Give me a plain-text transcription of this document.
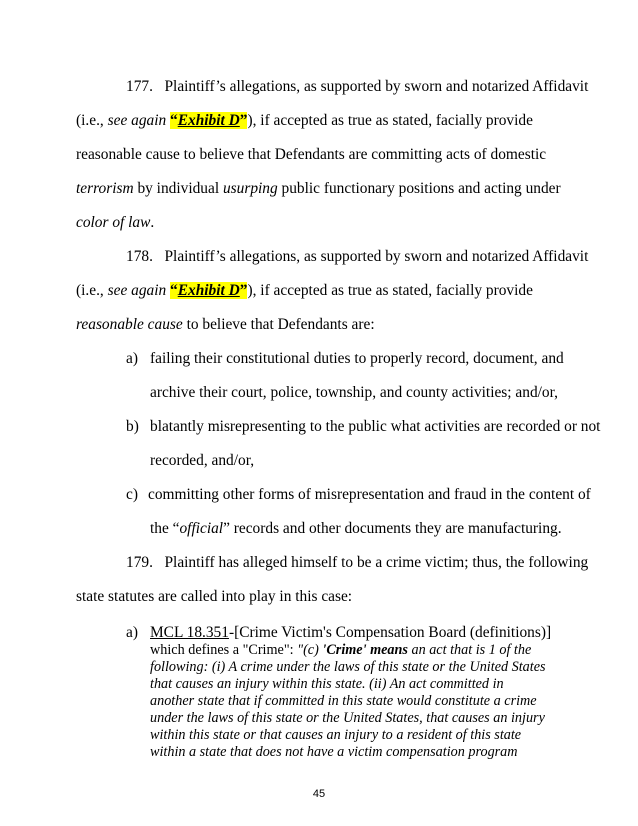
177. Plaintiff’s allegations, as supported by sworn and notarized Affidavit
(i.e., see again “Exhibit D”), if accepted as true as stated, facially provide
reasonable cause to believe that Defendants are committing acts of domestic
terrorism by individual usurping public functionary positions and acting under
color of law.
178. Plaintiff’s allegations, as supported by sworn and notarized Affidavit
(i.e., see again “Exhibit D”), if accepted as true as stated, facially provide
reasonable cause to believe that Defendants are:
a) failing their constitutional duties to properly record, document, and
archive their court, police, township, and county activities; and/or,
b) blatantly misrepresenting to the public what activities are recorded or not
recorded, and/or,
c) committing other forms of misrepresentation and fraud in the content of
the “official” records and other documents they are manufacturing.
179. Plaintiff has alleged himself to be a crime victim; thus, the following
state statutes are called into play in this case:
a) MCL 18.351-[Crime Victim's Compensation Board (definitions)]
which defines a "Crime": "(c) 'Crime' means an act that is 1 of the
following: (i) A crime under the laws of this state or the United States
that causes an injury within this state. (ii) An act committed in
another state that if committed in this state would constitute a crime
under the laws of this state or the United States, that causes an injury
within this state or that causes an injury to a resident of this state
within a state that does not have a victim compensation program
45
